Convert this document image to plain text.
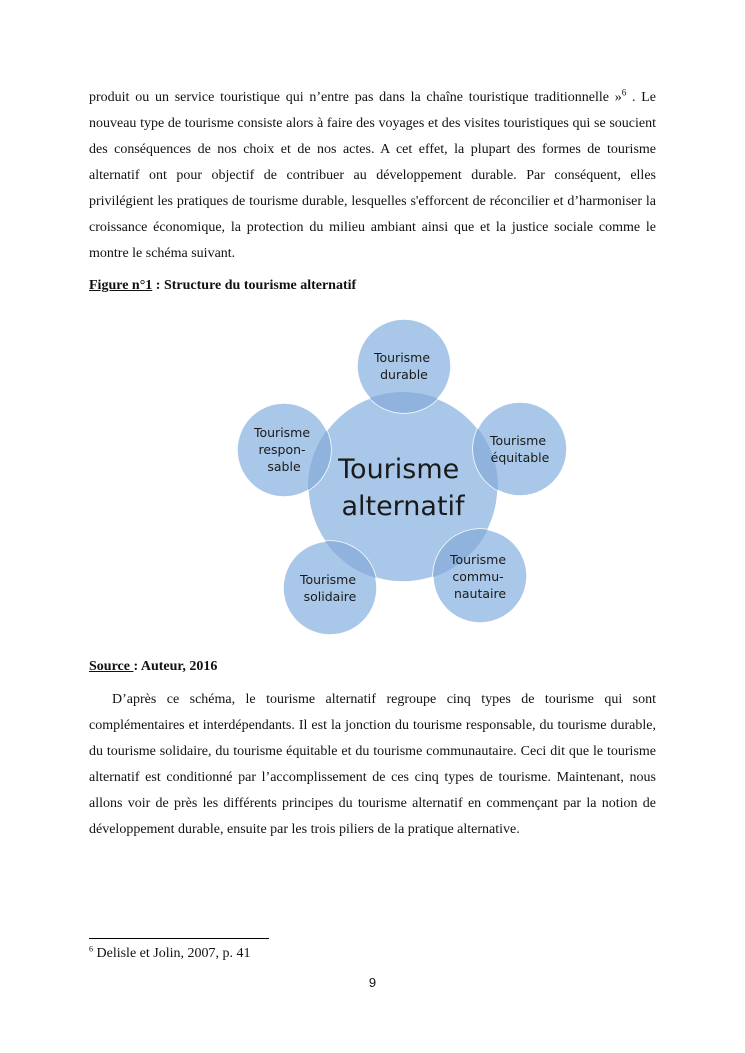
produit ou un service touristique qui n’entre pas dans la chaîne touristique traditionnelle »$^6$ . Le nouveau type de tourisme consiste alors à faire des voyages et des visites touristiques qui se soucient des conséquences de nos choix et de nos actes. A cet effet, la plupart des formes de tourisme alternatif ont pour objectif de contribuer au développement durable. Par conséquent, elles privilégient les pratiques de tourisme durable, lesquelles s'efforcent de réconcilier et d’harmoniser la croissance économique, la protection du milieu ambiant ainsi que et la justice sociale comme le montre le schéma suivant.

Figure n°1 : Structure du tourisme alternatif

Tourisme alternatif
Tourisme durable
Tourisme équitable
Tourisme commu- nautaire
Tourisme solidaire
Tourisme respon- sable

Source : Auteur, 2016

D’après ce schéma, le tourisme alternatif regroupe cinq types de tourisme qui sont complémentaires et interdépendants. Il est la jonction du tourisme responsable, du tourisme durable, du tourisme solidaire, du tourisme équitable et du tourisme communautaire. Ceci dit que le tourisme alternatif est conditionné par l’accomplissement de ces cinq types de tourisme. Maintenant, nous allons voir de près les différents principes du tourisme alternatif en commençant par la notion de développement durable, ensuite par les trois piliers de la pratique alternative.

$^6$ Delisle et Jolin, 2007, p. 41

9
